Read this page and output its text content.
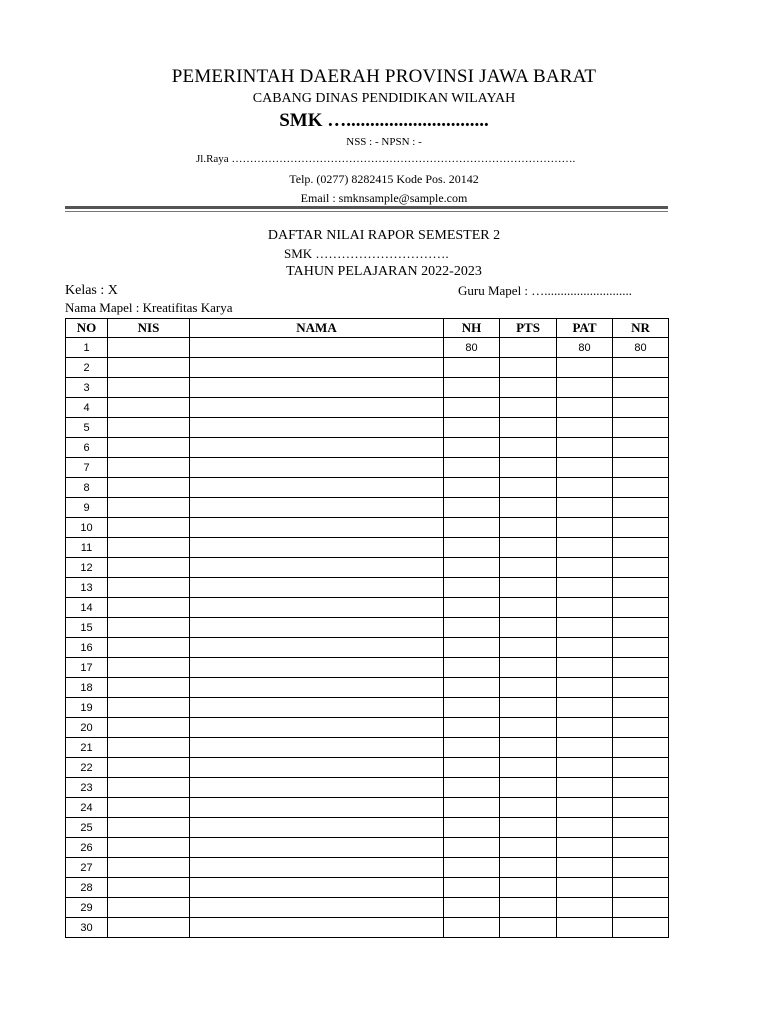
PEMERINTAH DAERAH PROVINSI JAWA BARAT
CABANG DINAS PENDIDIKAN WILAYAH
SMK …..............................
NSS : - NPSN : -
Jl.Raya ………………………………………………………………………………….
Telp. (0277) 8282415 Kode Pos. 20142
Email : smknsample@sample.com
DAFTAR NILAI RAPOR SEMESTER 2
SMK ………………………….
TAHUN PELAJARAN 2022-2023
Kelas : X	Guru Mapel : …...........................
Nama Mapel : Kreatifitas Karya
NO	NIS	NAMA	NH	PTS	PAT	NR
1			80		80	80
2						
3						
4						
5						
6						
7						
8						
9						
10						
11						
12						
13						
14						
15						
16						
17						
18						
19						
20						
21						
22						
23						
24						
25						
26						
27						
28						
29						
30						
